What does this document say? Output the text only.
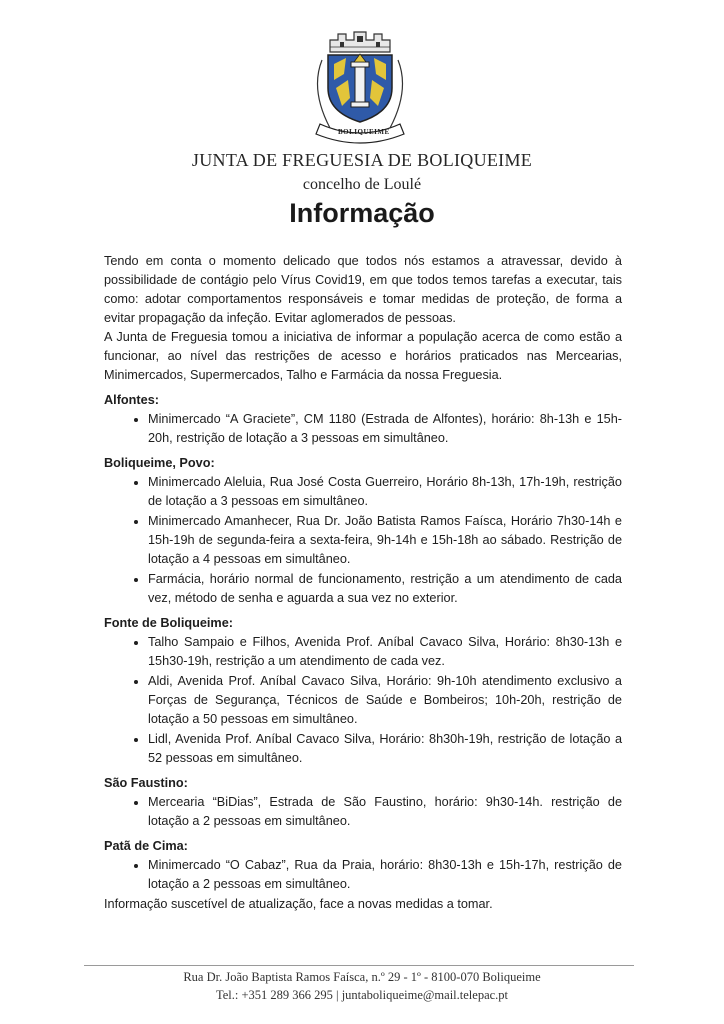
BOLIQUEIME
JUNTA DE FREGUESIA DE BOLIQUEIME
concelho de Loulé
Informação

Tendo em conta o momento delicado que todos nós estamos a atravessar, devido à possibilidade de contágio pelo Vírus Covid19, em que todos temos tarefas a executar, tais como: adotar comportamentos responsáveis e tomar medidas de proteção, de forma a evitar propagação da infeção. Evitar aglomerados de pessoas.

A Junta de Freguesia tomou a iniciativa de informar a população acerca de como estão a funcionar, ao nível das restrições de acesso e horários praticados nas Mercearias, Minimercados, Supermercados, Talho e Farmácia da nossa Freguesia.

Alfontes:
• Minimercado “A Graciete”, CM 1180 (Estrada de Alfontes), horário: 8h-13h e 15h-20h, restrição de lotação a 3 pessoas em simultâneo.
Boliqueime, Povo:
• Minimercado Aleluia, Rua José Costa Guerreiro, Horário 8h-13h, 17h-19h, restrição de lotação a 3 pessoas em simultâneo.
• Minimercado Amanhecer, Rua Dr. João Batista Ramos Faísca, Horário 7h30-14h e 15h-19h de segunda-feira a sexta-feira, 9h-14h e 15h-18h ao sábado. Restrição de lotação a 4 pessoas em simultâneo.
• Farmácia, horário normal de funcionamento, restrição a um atendimento de cada vez, método de senha e aguarda a sua vez no exterior.
Fonte de Boliqueime:
• Talho Sampaio e Filhos, Avenida Prof. Aníbal Cavaco Silva, Horário: 8h30-13h e 15h30-19h, restrição a um atendimento de cada vez.
• Aldi, Avenida Prof. Aníbal Cavaco Silva, Horário: 9h-10h atendimento exclusivo a Forças de Segurança, Técnicos de Saúde e Bombeiros; 10h-20h, restrição de lotação a 50 pessoas em simultâneo.
• Lidl, Avenida Prof. Aníbal Cavaco Silva, Horário: 8h30h-19h, restrição de lotação a 52 pessoas em simultâneo.
São Faustino:
• Mercearia “BiDias”, Estrada de São Faustino, horário: 9h30-14h. restrição de lotação a 2 pessoas em simultâneo.
Patã de Cima:
• Minimercado “O Cabaz”, Rua da Praia, horário: 8h30-13h e 15h-17h, restrição de lotação a 2 pessoas em simultâneo.

Informação suscetível de atualização, face a novas medidas a tomar.

Rua Dr. João Baptista Ramos Faísca, n.º 29 - 1º - 8100-070 Boliqueime
Tel.: +351 289 366 295 | juntaboliqueime@mail.telepac.pt
